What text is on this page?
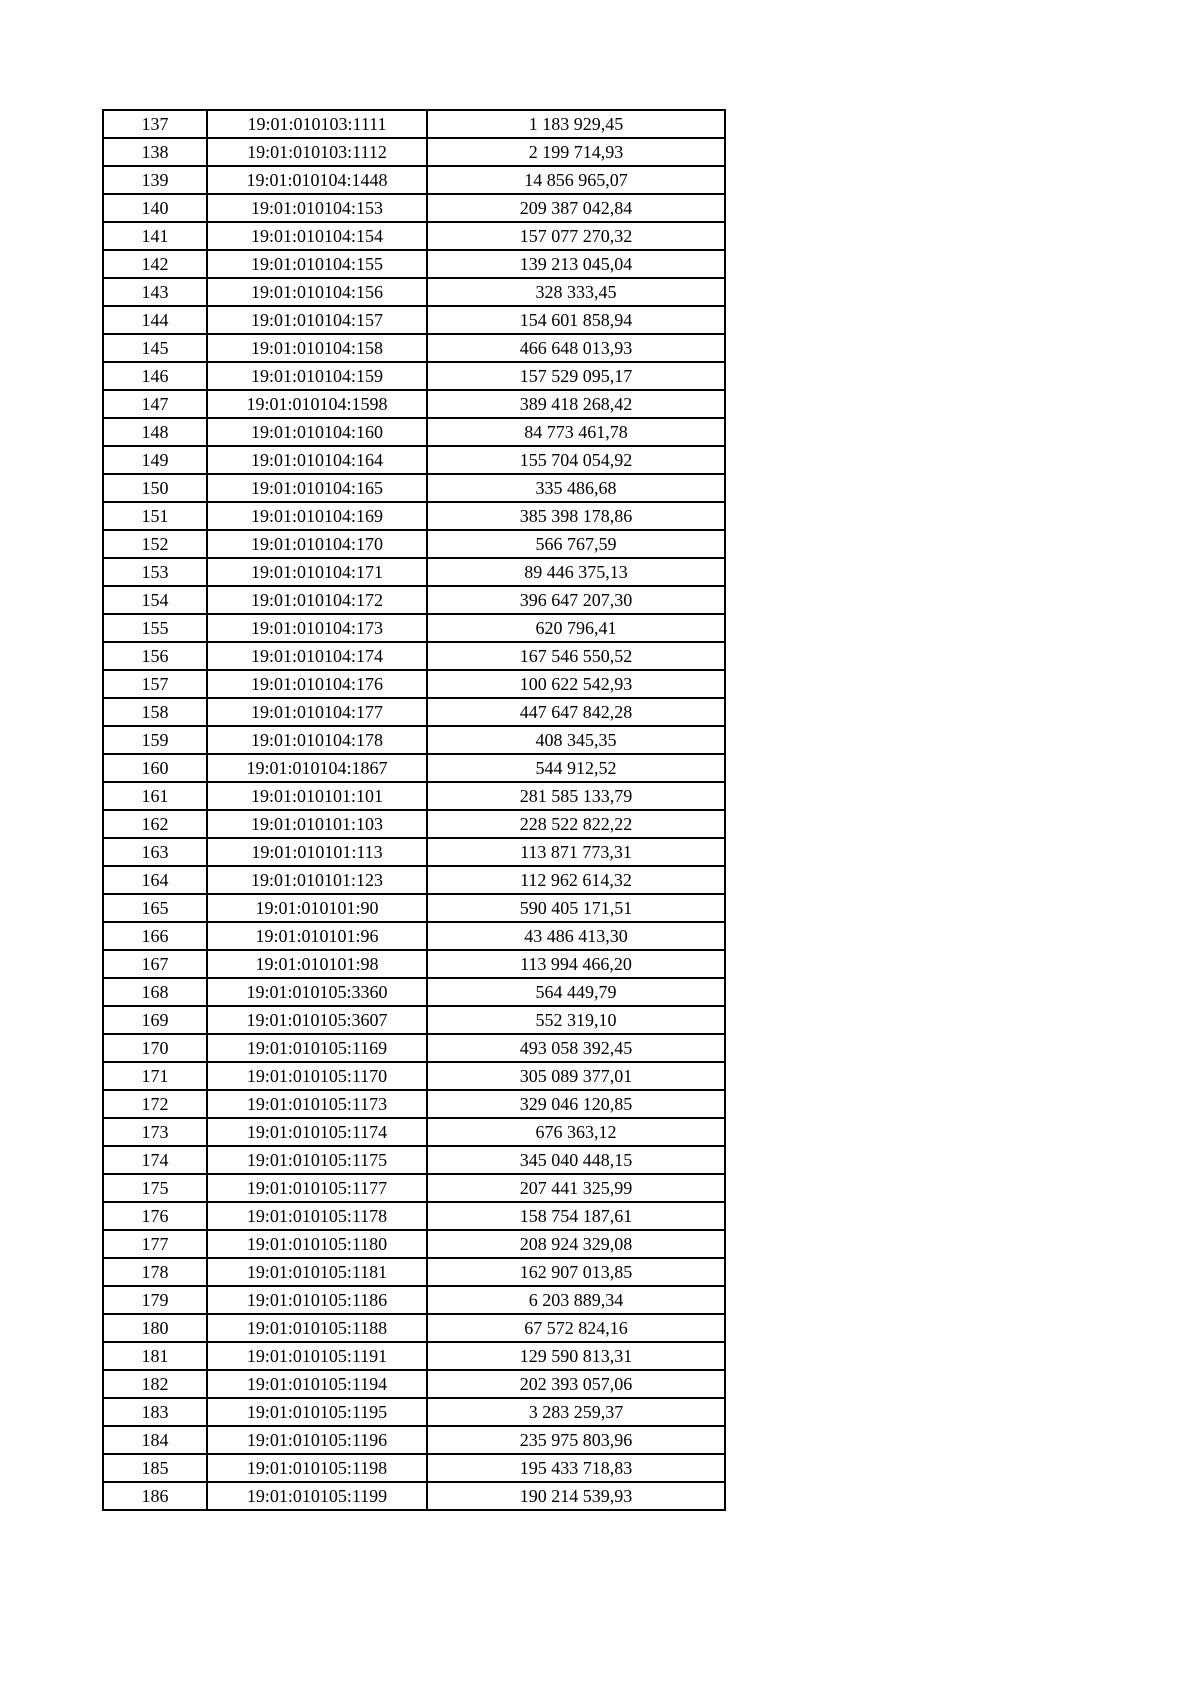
137	19:01:010103:1111	1 183 929,45
138	19:01:010103:1112	2 199 714,93
139	19:01:010104:1448	14 856 965,07
140	19:01:010104:153	209 387 042,84
141	19:01:010104:154	157 077 270,32
142	19:01:010104:155	139 213 045,04
143	19:01:010104:156	328 333,45
144	19:01:010104:157	154 601 858,94
145	19:01:010104:158	466 648 013,93
146	19:01:010104:159	157 529 095,17
147	19:01:010104:1598	389 418 268,42
148	19:01:010104:160	84 773 461,78
149	19:01:010104:164	155 704 054,92
150	19:01:010104:165	335 486,68
151	19:01:010104:169	385 398 178,86
152	19:01:010104:170	566 767,59
153	19:01:010104:171	89 446 375,13
154	19:01:010104:172	396 647 207,30
155	19:01:010104:173	620 796,41
156	19:01:010104:174	167 546 550,52
157	19:01:010104:176	100 622 542,93
158	19:01:010104:177	447 647 842,28
159	19:01:010104:178	408 345,35
160	19:01:010104:1867	544 912,52
161	19:01:010101:101	281 585 133,79
162	19:01:010101:103	228 522 822,22
163	19:01:010101:113	113 871 773,31
164	19:01:010101:123	112 962 614,32
165	19:01:010101:90	590 405 171,51
166	19:01:010101:96	43 486 413,30
167	19:01:010101:98	113 994 466,20
168	19:01:010105:3360	564 449,79
169	19:01:010105:3607	552 319,10
170	19:01:010105:1169	493 058 392,45
171	19:01:010105:1170	305 089 377,01
172	19:01:010105:1173	329 046 120,85
173	19:01:010105:1174	676 363,12
174	19:01:010105:1175	345 040 448,15
175	19:01:010105:1177	207 441 325,99
176	19:01:010105:1178	158 754 187,61
177	19:01:010105:1180	208 924 329,08
178	19:01:010105:1181	162 907 013,85
179	19:01:010105:1186	6 203 889,34
180	19:01:010105:1188	67 572 824,16
181	19:01:010105:1191	129 590 813,31
182	19:01:010105:1194	202 393 057,06
183	19:01:010105:1195	3 283 259,37
184	19:01:010105:1196	235 975 803,96
185	19:01:010105:1198	195 433 718,83
186	19:01:010105:1199	190 214 539,93
